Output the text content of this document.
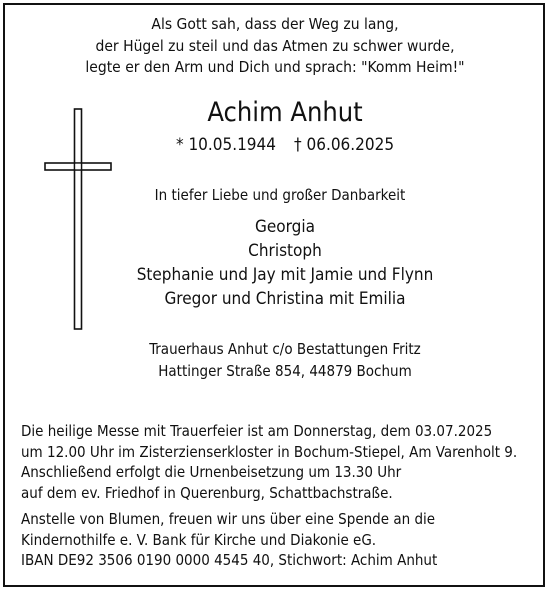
Als Gott sah, dass der Weg zu lang,
der Hügel zu steil und das Atmen zu schwer wurde,
legte er den Arm und Dich und sprach: "Komm Heim!"
Achim Anhut
* 10.05.1944 † 06.06.2025
In tiefer Liebe und großer Danbarkeit
Georgia
Christoph
Stephanie und Jay mit Jamie und Flynn
Gregor und Christina mit Emilia
Trauerhaus Anhut c/o Bestattungen Fritz
Hattinger Straße 854, 44879 Bochum
Die heilige Messe mit Trauerfeier ist am Donnerstag, dem 03.07.2025
um 12.00 Uhr im Zisterzienserkloster in Bochum-Stiepel, Am Varenholt 9.
Anschließend erfolgt die Urnenbeisetzung um 13.30 Uhr
auf dem ev. Friedhof in Querenburg, Schattbachstraße.
Anstelle von Blumen, freuen wir uns über eine Spende an die
Kindernothilfe e. V. Bank für Kirche und Diakonie eG.
IBAN DE92 3506 0190 0000 4545 40, Stichwort: Achim Anhut
